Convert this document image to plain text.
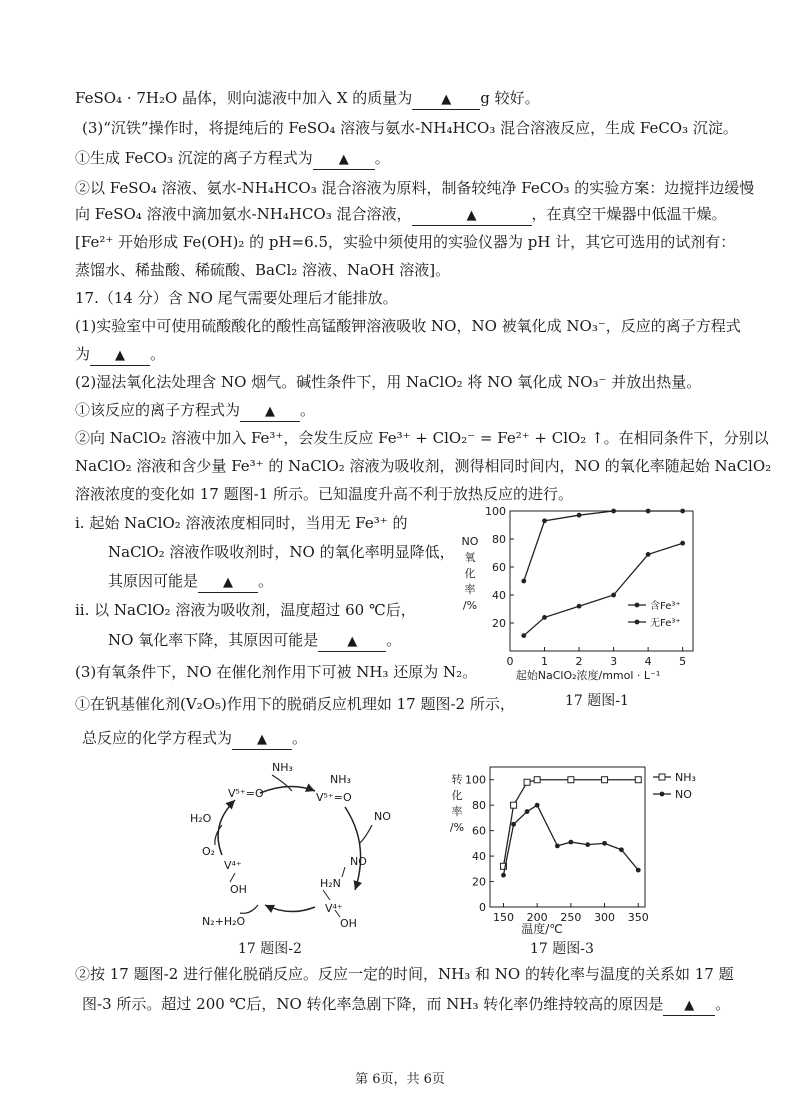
FeSO₄ · 7H₂O 晶体，则向滤液中加入 X 的质量为 ▲ g 较好。
(3)“沉铁”操作时，将提纯后的 FeSO₄ 溶液与氨水-NH₄HCO₃ 混合溶液反应，生成 FeCO₃ 沉淀。
①生成 FeCO₃ 沉淀的离子方程式为 ▲ 。
②以 FeSO₄ 溶液、氨水-NH₄HCO₃ 混合溶液为原料，制备较纯净 FeCO₃ 的实验方案：边搅拌边缓慢
向 FeSO₄ 溶液中滴加氨水-NH₄HCO₃ 混合溶液，	▲	，在真空干燥器中低温干燥。
[Fe²⁺ 开始形成 Fe(OH)₂ 的 pH=6.5，实验中须使用的实验仪器为 pH 计，其它可选用的试剂有：
蒸馏水、稀盐酸、稀硫酸、BaCl₂ 溶液、NaOH 溶液]。
17.（14 分）含 NO 尾气需要处理后才能排放。
(1)实验室中可使用硫酸酸化的酸性高锰酸钾溶液吸收 NO，NO 被氧化成 NO₃⁻，反应的离子方程式
为 ▲ 。
(2)湿法氧化法处理含 NO 烟气。碱性条件下，用 NaClO₂ 将 NO 氧化成 NO₃⁻ 并放出热量。
①该反应的离子方程式为 ▲ 。
②向 NaClO₂ 溶液中加入 Fe³⁺，会发生反应 Fe³⁺ + ClO₂⁻ = Fe²⁺ + ClO₂ ↑。在相同条件下，分别以
NaClO₂ 溶液和含少量 Fe³⁺ 的 NaClO₂ 溶液为吸收剂，测得相同时间内，NO 的氧化率随起始 NaClO₂
溶液浓度的变化如 17 题图-1 所示。已知温度升高不利于放热反应的进行。
i. 起始 NaClO₂ 溶液浓度相同时，当用无 Fe³⁺ 的
NaClO₂ 溶液作吸收剂时，NO 的氧化率明显降低，
其原因可能是 ▲ 。
ii. 以 NaClO₂ 溶液为吸收剂，温度超过 60 ℃后，
NO 氧化率下降，其原因可能是 ▲ 。
(3)有氧条件下，NO 在催化剂作用下可被 NH₃ 还原为 N₂。
①在钒基催化剂(V₂O₅)作用下的脱硝反应机理如 17 题图-2 所示，
总反应的化学方程式为 ▲ 。
②按 17 题图-2 进行催化脱硝反应。反应一定的时间，NH₃ 和 NO 的转化率与温度的关系如 17 题
图-3 所示。超过 200 ℃后，NO 转化率急剧下降，而 NH₃ 转化率仍维持较高的原因是 ▲ 。
NO
氧
化
率
/%
0	1	2	3	4	5
20
40
60
80
100
含Fe³⁺
无Fe³⁺
起始NaClO₂浓度/mmol · L⁻¹
17 题图-1
NH₃
V⁵⁺=O
NH₃
V⁵⁺=O
NO
H₂O
O₂
V⁴⁺
OH
NO
H₂N
V⁴⁺
OH
N₂+H₂O
17 题图-2
转
化
率
/%
150 200 250 300 350
0
20
40
60
80
100	NH₃
NO
温度/℃
17 题图-3
第 6页，共 6页
